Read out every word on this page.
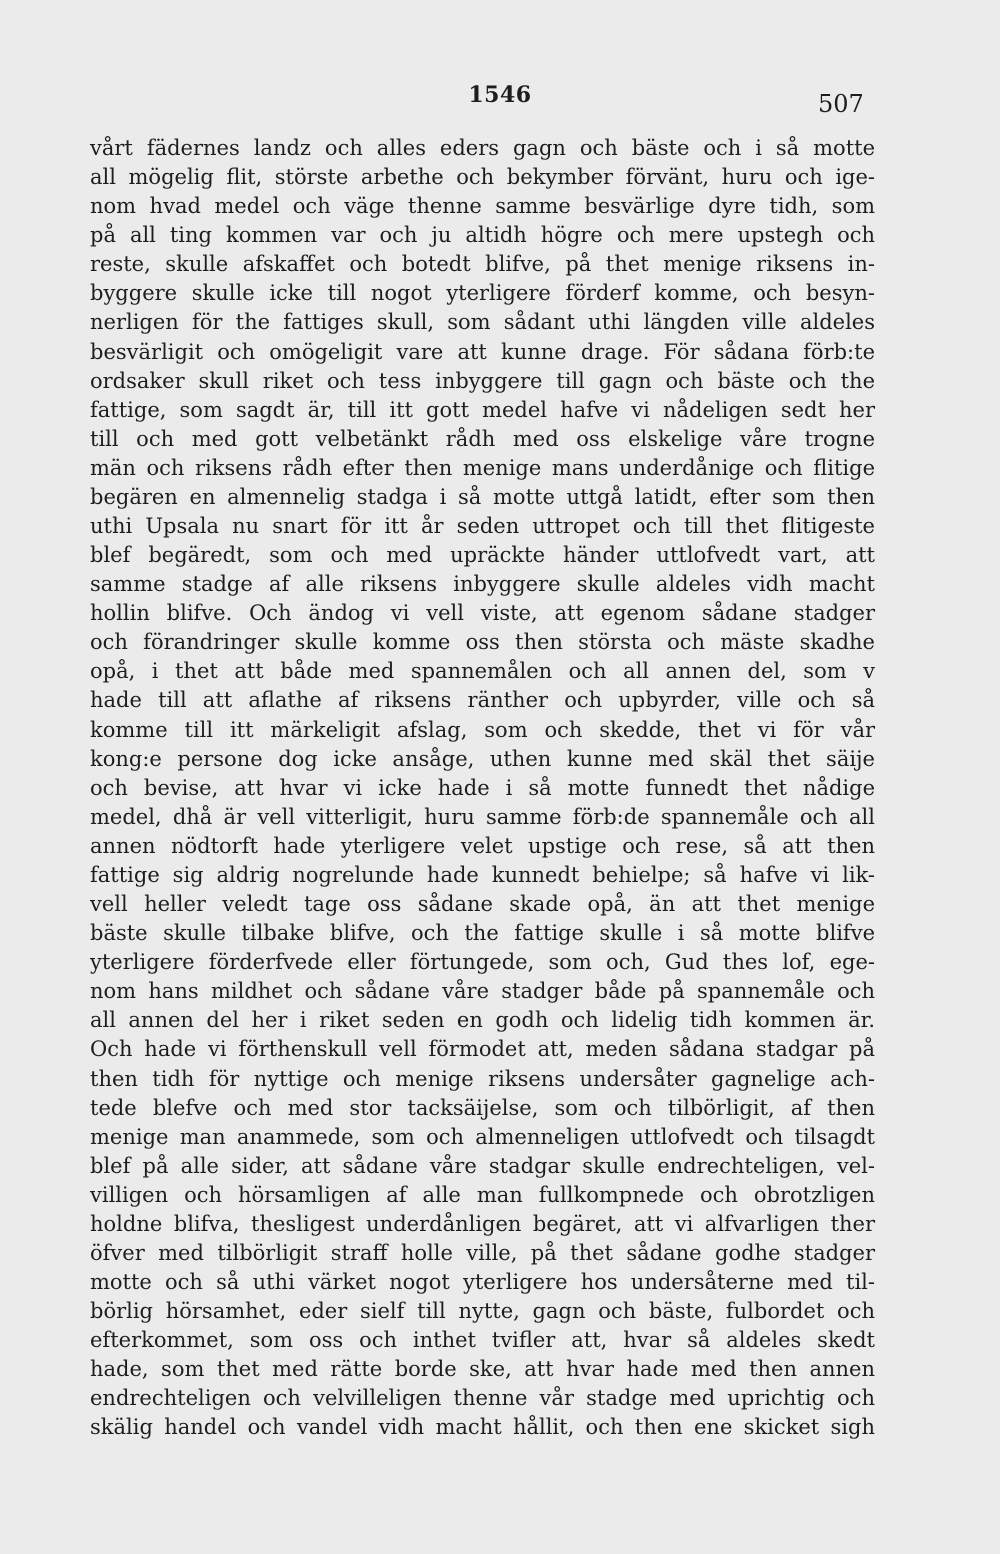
1546	507
vårt fädernes landz och alles eders gagn och bäste och i så motte
all mögelig flit, störste arbethe och bekymber förvänt, huru och ige-
nom hvad medel och väge thenne samme besvärlige dyre tidh, som
på all ting kommen var och ju altidh högre och mere upstegh och
reste, skulle afskaffet och botedt blifve, på thet menige riksens in-
byggere skulle icke till nogot yterligere förderf komme, och besyn-
nerligen för the fattiges skull, som sådant uthi längden ville aldeles
besvärligit och omögeligit vare att kunne drage. För sådana förb:te
ordsaker skull riket och tess inbyggere till gagn och bäste och the
fattige, som sagdt är, till itt gott medel hafve vi nådeligen sedt her
till och med gott velbetänkt rådh med oss elskelige våre trogne
män och riksens rådh efter then menige mans underdånige och flitige
begären en almennelig stadga i så motte uttgå latidt, efter som then
uthi Upsala nu snart för itt år seden uttropet och till thet flitigeste
blef begäredt, som och med upräckte händer uttlofvedt vart, att
samme stadge af alle riksens inbyggere skulle aldeles vidh macht
hollin blifve. Och ändog vi vell viste, att egenom sådane stadger
och förandringer skulle komme oss then största och mäste skadhe
opå, i thet att både med spannemålen och all annen del, som v
hade till att aflathe af riksens ränther och upbyrder, ville och så
komme till itt märkeligit afslag, som och skedde, thet vi för vår
kong:e persone dog icke ansåge, uthen kunne med skäl thet säije
och bevise, att hvar vi icke hade i så motte funnedt thet nådige
medel, dhå är vell vitterligit, huru samme förb:de spannemåle och all
annen nödtorft hade yterligere velet upstige och rese, så att then
fattige sig aldrig nogrelunde hade kunnedt behielpe; så hafve vi lik-
vell heller veledt tage oss sådane skade opå, än att thet menige
bäste skulle tilbake blifve, och the fattige skulle i så motte blifve
yterligere förderfvede eller förtungede, som och, Gud thes lof, ege-
nom hans mildhet och sådane våre stadger både på spannemåle och
all annen del her i riket seden en godh och lidelig tidh kommen är.
Och hade vi förthenskull vell förmodet att, meden sådana stadgar på
then tidh för nyttige och menige riksens undersåter gagnelige ach-
tede blefve och med stor tacksäijelse, som och tilbörligit, af then
menige man anammede, som och almenneligen uttlofvedt och tilsagdt
blef på alle sider, att sådane våre stadgar skulle endrechteligen, vel-
villigen och hörsamligen af alle man fullkompnede och obrotzligen
holdne blifva, thesligest underdånligen begäret, att vi alfvarligen ther
öfver med tilbörligit straff holle ville, på thet sådane godhe stadger
motte och så uthi värket nogot yterligere hos undersåterne med til-
börlig hörsamhet, eder sielf till nytte, gagn och bäste, fulbordet och
efterkommet, som oss och inthet tvifler att, hvar så aldeles skedt
hade, som thet med rätte borde ske, att hvar hade med then annen
endrechteligen och velvilleligen thenne vår stadge med uprichtig och
skälig handel och vandel vidh macht hållit, och then ene skicket sigh
